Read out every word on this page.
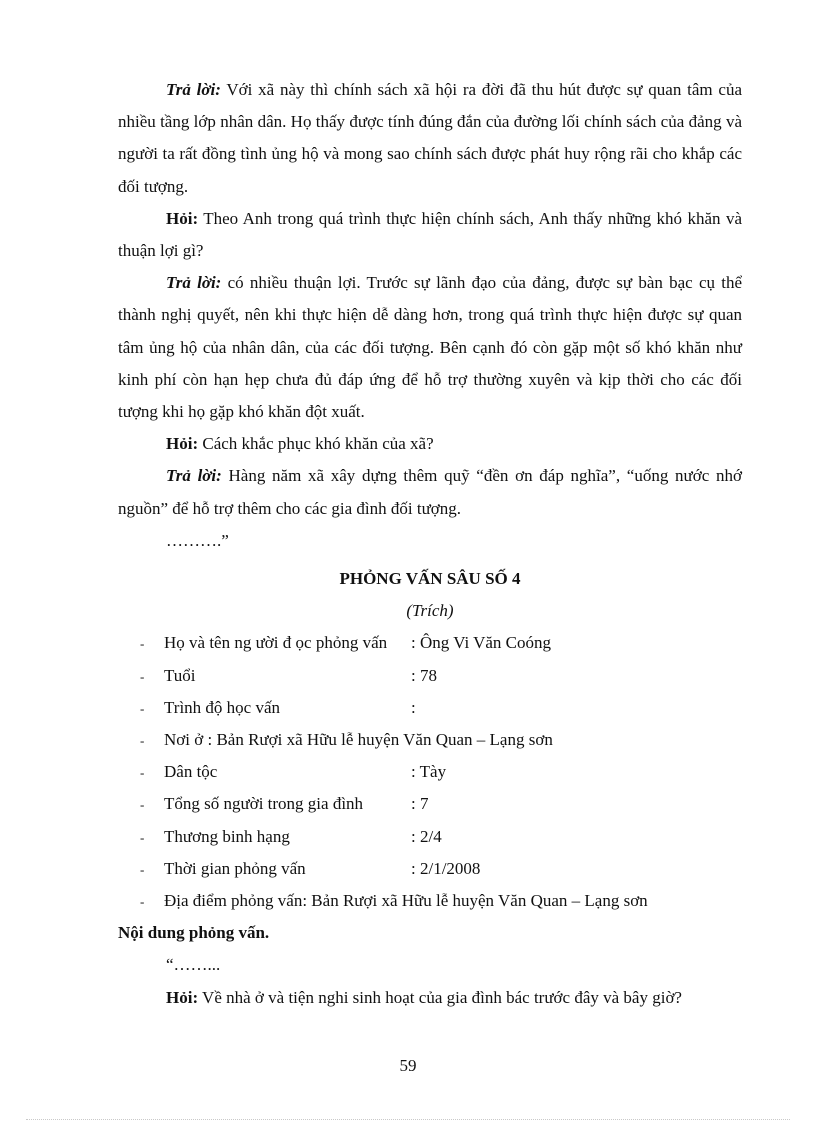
Trả lời: Với xã này thì chính sách xã hội ra đời đã thu hút được sự quan tâm của nhiều tầng lớp nhân dân. Họ thấy được tính đúng đắn của đường lối chính sách của đảng và người ta rất đồng tình ủng hộ và mong sao chính sách được phát huy rộng rãi cho khắp các đối tượng.

Hỏi: Theo Anh trong quá trình thực hiện chính sách, Anh thấy những khó khăn và thuận lợi gì?

Trả lời: có nhiều thuận lợi. Trước sự lãnh đạo của đảng, được sự bàn bạc cụ thể thành nghị quyết, nên khi thực hiện dễ dàng hơn, trong quá trình thực hiện được sự quan tâm ủng hộ của nhân dân, của các đối tượng. Bên cạnh đó còn gặp một số khó khăn như kinh phí còn hạn hẹp chưa đủ đáp ứng để hỗ trợ thường xuyên và kịp thời cho các đối tượng khi họ gặp khó khăn đột xuất.

Hỏi: Cách khắc phục khó khăn của xã?

Trả lời: Hàng năm xã xây dựng thêm quỹ “đền ơn đáp nghĩa”, “uống nước nhớ nguồn” để hỗ trợ thêm cho các gia đình đối tượng.

……….”

PHỎNG VẤN SÂU SỐ 4

(Trích)

-	Họ và tên ng ười đ ọc phỏng vấn	: Ông Vi Văn Coóng
-	Tuổi	: 78
-	Trình độ học vấn	:
-	Nơi ở : Bản Rượi xã Hữu lễ huyện Văn Quan – Lạng sơn
-	Dân tộc	: Tày
-	Tổng số người trong gia đình	: 7
-	Thương binh hạng	: 2/4
-	Thời gian phỏng vấn	: 2/1/2008
-	Địa điểm phỏng vấn: Bản Rượi xã Hữu lễ huyện Văn Quan – Lạng sơn

Nội dung phỏng vấn.

“……...

Hỏi: Về nhà ở và tiện nghi sinh hoạt của gia đình bác trước đây và bây giờ?

59
